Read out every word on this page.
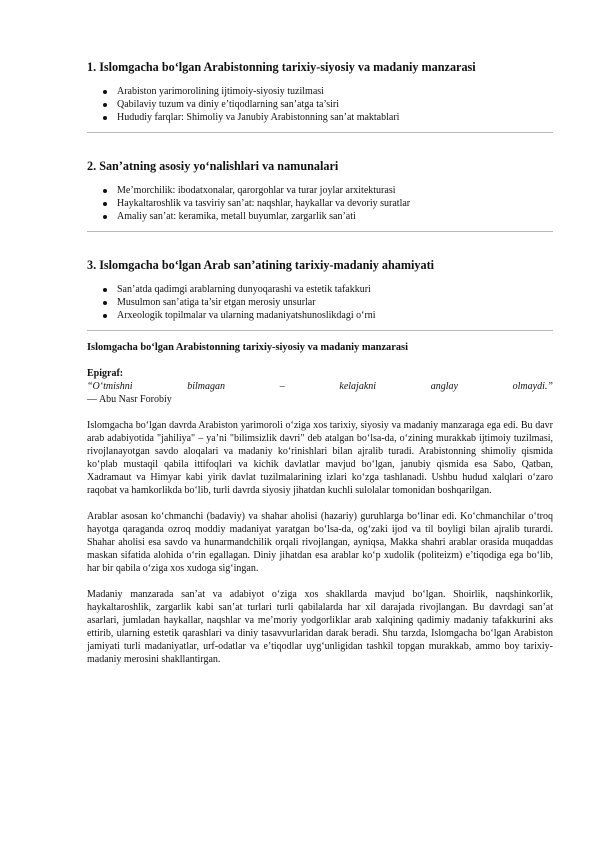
1. Islomgacha bo‘lgan Arabistonning tarixiy-siyosiy va madaniy manzarasi
Arabiston yarimorolining ijtimoiy-siyosiy tuzilmasi
Qabilaviy tuzum va diniy e’tiqodlarning san’atga ta’siri
Hududiy farqlar: Shimoliy va Janubiy Arabistonning san’at maktablari
2. San’atning asosiy yo‘nalishlari va namunalari
Me’morchilik: ibodatxonalar, qarorgohlar va turar joylar arxitekturasi
Haykaltaroshlik va tasviriy san’at: naqshlar, haykallar va devoriy suratlar
Amaliy san’at: keramika, metall buyumlar, zargarlik san’ati
3. Islomgacha bo‘lgan Arab san’atining tarixiy-madaniy ahamiyati
San’atda qadimgi arablarning dunyoqarashi va estetik tafakkuri
Musulmon san’atiga ta’sir etgan merosiy unsurlar
Arxeologik topilmalar va ularning madaniyatshunoslikdagi o‘rni
Islomgacha bo‘lgan Arabistonning tarixiy-siyosiy va madaniy manzarasi
Epigraf:
“O‘tmishni	bilmagan	–	kelajakni	anglay	olmaydi.”
— Abu Nasr Forobiy

Islomgacha bo‘lgan davrda Arabiston yarimoroli o‘ziga xos tarixiy, siyosiy va madaniy manzaraga ega edi. Bu davr arab adabiyotida "jahiliya" – ya’ni "bilimsizlik davri" deb atalgan bo‘lsa-da, o‘zining murakkab ijtimoiy tuzilmasi, rivojlanayotgan savdo aloqalari va madaniy ko‘rinishlari bilan ajralib turadi. Arabistonning shimoliy qismida ko‘plab mustaqil qabila ittifoqlari va kichik davlatlar mavjud bo‘lgan, janubiy qismida esa Sabo, Qatban, Xadramaut va Himyar kabi yirik davlat tuzilmalarining izlari ko‘zga tashlanadi. Ushbu hudud xalqlari o‘zaro raqobat va hamkorlikda bo‘lib, turli davrda siyosiy jihatdan kuchli sulolalar tomonidan boshqarilgan.

Arablar asosan ko‘chmanchi (badaviy) va shahar aholisi (hazariy) guruhlarga bo‘linar edi. Ko‘chmanchilar o‘troq hayotga qaraganda ozroq moddiy madaniyat yaratgan bo‘lsa-da, og‘zaki ijod va til boyligi bilan ajralib turardi. Shahar aholisi esa savdo va hunarmandchilik orqali rivojlangan, ayniqsa, Makka shahri arablar orasida muqaddas maskan sifatida alohida o‘rin egallagan. Diniy jihatdan esa arablar ko‘p xudolik (politeizm) e’tiqodiga ega bo‘lib, har bir qabila o‘ziga xos xudoga sig‘ingan.

Madaniy manzarada san’at va adabiyot o‘ziga xos shakllarda mavjud bo‘lgan. Shoirlik, naqshinkorlik, haykaltaroshlik, zargarlik kabi san’at turlari turli qabilalarda har xil darajada rivojlangan. Bu davrdagi san’at asarlari, jumladan haykallar, naqshlar va me’moriy yodgorliklar arab xalqining qadimiy madaniy tafakkurini aks ettirib, ularning estetik qarashlari va diniy tasavvurlaridan darak beradi. Shu tarzda, Islomgacha bo‘lgan Arabiston jamiyati turli madaniyatlar, urf-odatlar va e’tiqodlar uyg‘unligidan tashkil topgan murakkab, ammo boy tarixiy-madaniy merosini shakllantirgan.
